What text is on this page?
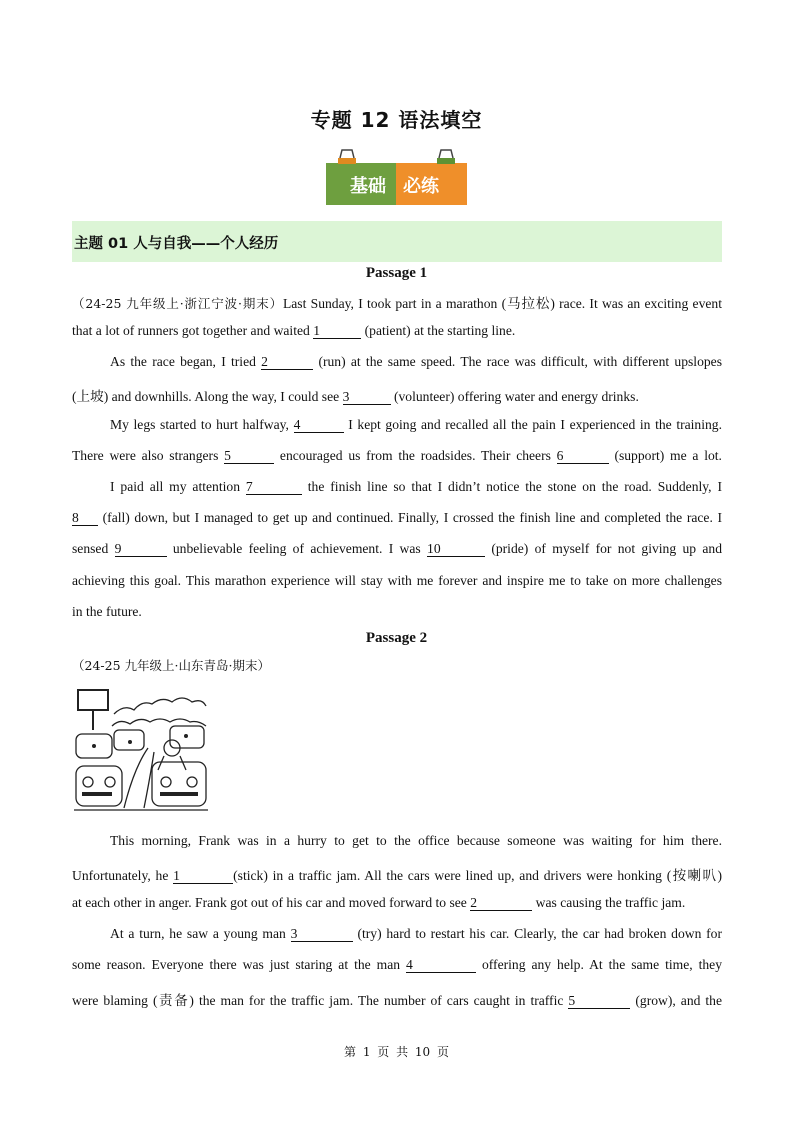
专题 12 语法填空
基础 必练
主题 01 人与自我——个人经历
Passage 1
（24-25 九年级上·浙江宁波·期末）Last Sunday, I took part in a marathon (马拉松) race. It was an exciting event
that a lot of runners got together and waited 1	(patient) at the starting line.
As the race began, I tried 2	(run) at the same speed. The race was difficult, with different upslopes
(上坡) and downhills. Along the way, I could see 3	(volunteer) offering water and energy drinks.
My legs started to hurt halfway, 4	I kept going and recalled all the pain I experienced in the training.
There were also strangers 5	encouraged us from the roadsides. Their cheers 6	(support) me a lot.
I paid all my attention 7	the finish line so that I didn’t notice the stone on the road. Suddenly, I
8 (fall) down, but I managed to get up and continued. Finally, I crossed the finish line and completed the race. I
sensed 9	unbelievable feeling of achievement. I was 10	(pride) of myself for not giving up and
achieving this goal. This marathon experience will stay with me forever and inspire me to take on more challenges
in the future.
Passage 2
（24-25 九年级上·山东青岛·期末）
This morning, Frank was in a hurry to get to the office because someone was waiting for him there.
Unfortunately, he 1	(stick) in a traffic jam. All the cars were lined up, and drivers were honking (按喇叭)
at each other in anger. Frank got out of his car and moved forward to see 2	was causing the traffic jam.
At a turn, he saw a young man 3	(try) hard to restart his car. Clearly, the car had broken down for
some reason. Everyone there was just staring at the man 4	offering any help. At the same time, they
were blaming (责备) the man for the traffic jam. The number of cars caught in traffic 5	(grow), and the
第 1 页 共 10 页
